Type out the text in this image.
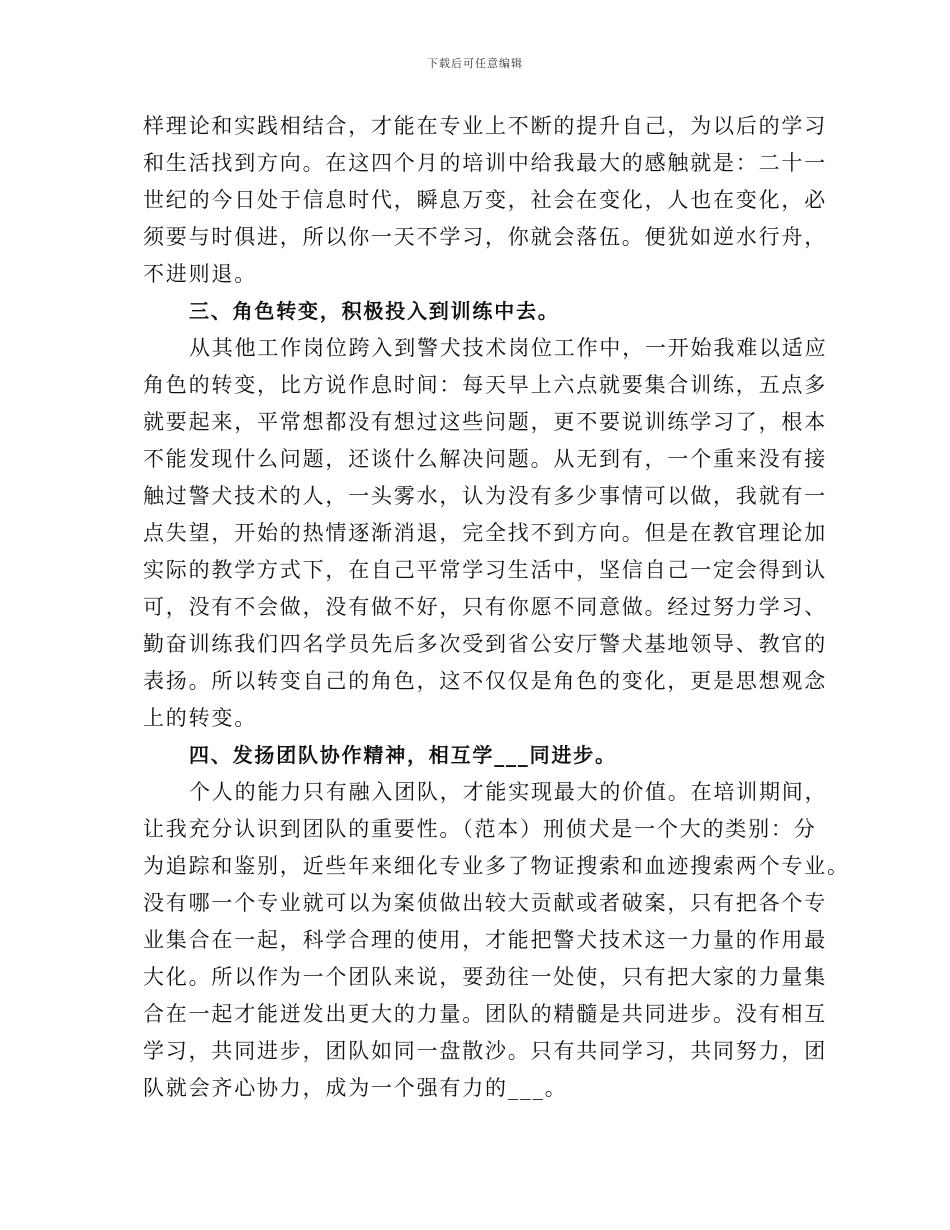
下载后可任意编辑
样理论和实践相结合，才能在专业上不断的提升自己，为以后的学习
和生活找到方向。在这四个月的培训中给我最大的感触就是：二十一
世纪的今日处于信息时代，瞬息万变，社会在变化，人也在变化，必
须要与时俱进，所以你一天不学习，你就会落伍。便犹如逆水行舟，
不进则退。
三、角色转变，积极投入到训练中去。
从其他工作岗位跨入到警犬技术岗位工作中，一开始我难以适应
角色的转变，比方说作息时间：每天早上六点就要集合训练，五点多
就要起来，平常想都没有想过这些问题，更不要说训练学习了，根本
不能发现什么问题，还谈什么解决问题。从无到有，一个重来没有接
触过警犬技术的人，一头雾水，认为没有多少事情可以做，我就有一
点失望，开始的热情逐渐消退，完全找不到方向。但是在教官理论加
实际的教学方式下，在自己平常学习生活中，坚信自己一定会得到认
可，没有不会做，没有做不好，只有你愿不同意做。经过努力学习、
勤奋训练我们四名学员先后多次受到省公安厅警犬基地领导、教官的
表扬。所以转变自己的角色，这不仅仅是角色的变化，更是思想观念
上的转变。
四、发扬团队协作精神，相互学___同进步。
个人的能力只有融入团队，才能实现最大的价值。在培训期间，
让我充分认识到团队的重要性。（范本）刑侦犬是一个大的类别：分
为追踪和鉴别，近些年来细化专业多了物证搜索和血迹搜索两个专业。
没有哪一个专业就可以为案侦做出较大贡献或者破案，只有把各个专
业集合在一起，科学合理的使用，才能把警犬技术这一力量的作用最
大化。所以作为一个团队来说，要劲往一处使，只有把大家的力量集
合在一起才能迸发出更大的力量。团队的精髓是共同进步。没有相互
学习，共同进步，团队如同一盘散沙。只有共同学习，共同努力，团
队就会齐心协力，成为一个强有力的___。
